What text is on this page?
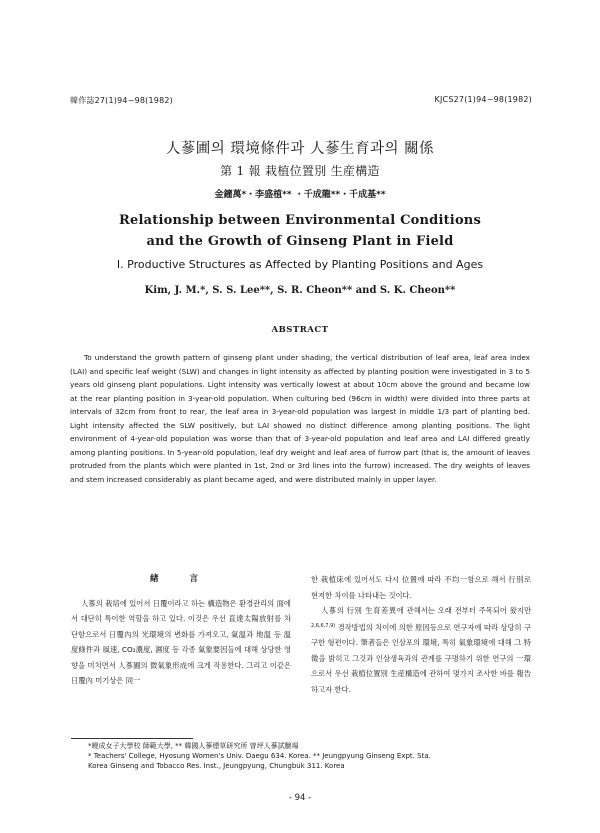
韓作誌27(1)94~98(1982)	KJCS27(1)94~98(1982)
人蔘圃의 環境條件과 人蔘生育과의 關係
第 1 報 栽植位置別 生産構造
金鐘萬*・李盛植** ・千成龍**・千成基**
Relationship between Environmental Conditions
and the Growth of Ginseng Plant in Field
I. Productive Structures as Affected by Planting Positions and Ages
Kim, J. M.*, S. S. Lee**, S. R. Cheon** and S. K. Cheon**
ABSTRACT

To understand the growth pattern of ginseng plant under shading, the vertical distribution of leaf area, leaf area index (LAI) and specific leaf weight (SLW) and changes in light intensity as affected by planting position were investigated in 3 to 5 years old ginseng plant populations. Light intensity was vertically lowest at about 10cm above the ground and became low at the rear planting position in 3-year-old population. When culturing bed (96cm in width) were divided into three parts at intervals of 32cm from front to rear, the leaf area in 3-year-old population was largest in middle 1/3 part of planting bed. Light intensity affected the SLW positively, but LAI showed no distinct difference among planting positions. The light environment of 4-year-old population was worse than that of 3-year-old population and leaf area and LAI differed greatly among planting positions. In 5-year-old population, leaf dry weight and leaf area of furrow part (that is, the amount of leaves protruded from the plants which were planted in 1st, 2nd or 3rd lines into the furrow) increased. The dry weights of leaves and stem increased considerably as plant became aged, and were distributed mainly in upper layer.

緖 言

人蔘의 栽培에 있어서 日覆이라고 하는 構造物은 환경관리의 面에서 대단히 특이한 역할을 하고 있다. 이것은 우선 直達太陽放射를 차단함으로서 日覆內의 光環境의 변화를 가져오고, 氣温과 地温 등 温度條件과 風速, CO₂濃度, 濕度 등 각종 氣象要因들에 대해 상당한 영향을 미치면서 人蔘圃의 微氣象形成에 크게 작용한다. 그리고 이같은 日覆內 미기상은 同一

한 栽植床에 있어서도 다시 位置에 따라 不均一함으로 해서 行別로 현저한 차이를 나타내는 것이다.

人蔘의 行別 生育差異에 관해서는 오래 전부터 주목되어 왔지만$^{2,6,6,7,9)}$ 경작방법의 차이에 의한 原因등으로 연구자에 따라 상당히 구구한 형편이다. 筆者들은 인삼포의 環境, 특히 氣象環境에 대해 그 特徵을 밝히고 그것과 인삼생육과의 관계를 구명하기 위한 연구의 一環으로서 우선 栽植位置別 生産構造에 관하여 몇가지 조사한 바를 報告하고자 한다.

*曉成女子大學校 師範大學, ** 韓國人蔘煙草研究所 曾坪人蔘試驗場
* Teachers' College, Hyosung Women's Univ. Daegu 634. Korea. ** Jeungpyung Ginseng Expt. Sta.
Korea Ginseng and Tobacco Res. Inst., Jeungpyung, Chungbuk 311. Korea
- 94 -
